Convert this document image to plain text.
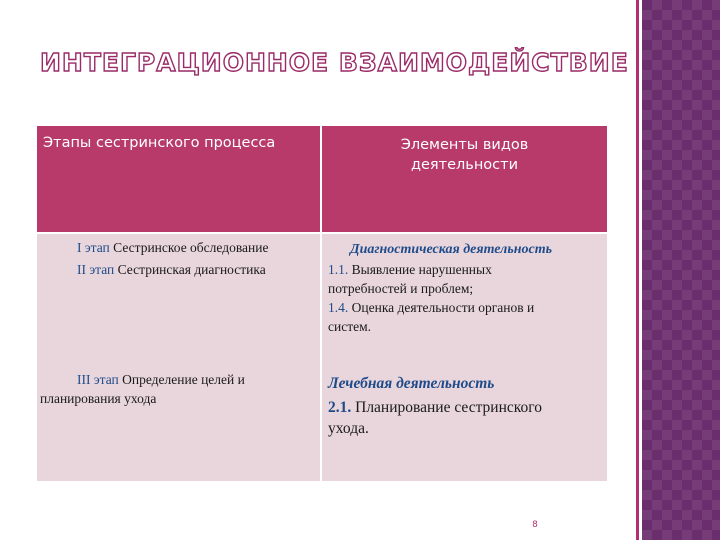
ИНТЕГРАЦИОННОЕ ВЗАИМОДЕЙСТВИЕ
Этапы сестринского процесса	Элементы видов
деятельности
I этап Сестринское обследование
II этап Сестринская диагностика
III этап Определение целей и
планирования ухода
Диагностическая деятельность
1.1. Выявление нарушенных
потребностей и проблем;
1.4. Оценка деятельности органов и
систем.
Лечебная деятельность
2.1. Планирование сестринского
ухода.
8
